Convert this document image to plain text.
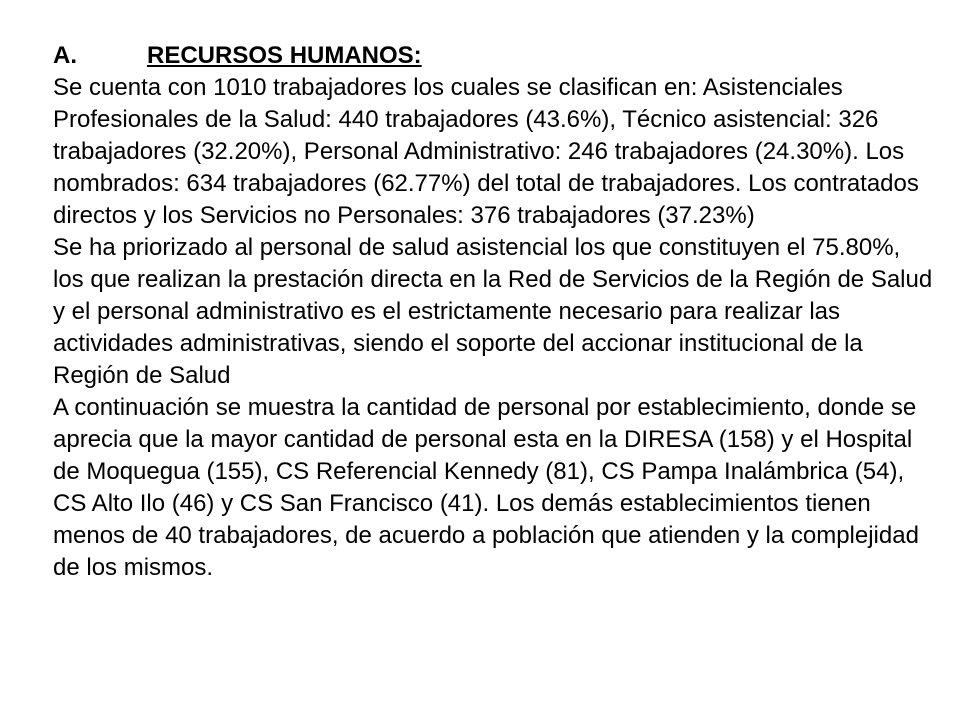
A.	RECURSOS HUMANOS:

Se cuenta con 1010 trabajadores los cuales se clasifican en: Asistenciales Profesionales de la Salud: 440 trabajadores (43.6%), Técnico asistencial: 326 trabajadores (32.20%), Personal Administrativo: 246 trabajadores (24.30%). Los nombrados: 634 trabajadores (62.77%) del total de trabajadores. Los contratados directos y los Servicios no Personales: 376 trabajadores (37.23%)

Se ha priorizado al personal de salud asistencial los que constituyen el 75.80%, los que realizan la prestación directa en la Red de Servicios de la Región de Salud y el personal administrativo es el estrictamente necesario para realizar las actividades administrativas, siendo el soporte del accionar institucional de la Región de Salud

A continuación se muestra la cantidad de personal por establecimiento, donde se aprecia que la mayor cantidad de personal esta en la DIRESA (158) y el Hospital de Moquegua (155), CS Referencial Kennedy (81), CS Pampa Inalámbrica (54), CS Alto Ilo (46) y CS San Francisco (41). Los demás establecimientos tienen menos de 40 trabajadores, de acuerdo a población que atienden y la complejidad de los mismos.
